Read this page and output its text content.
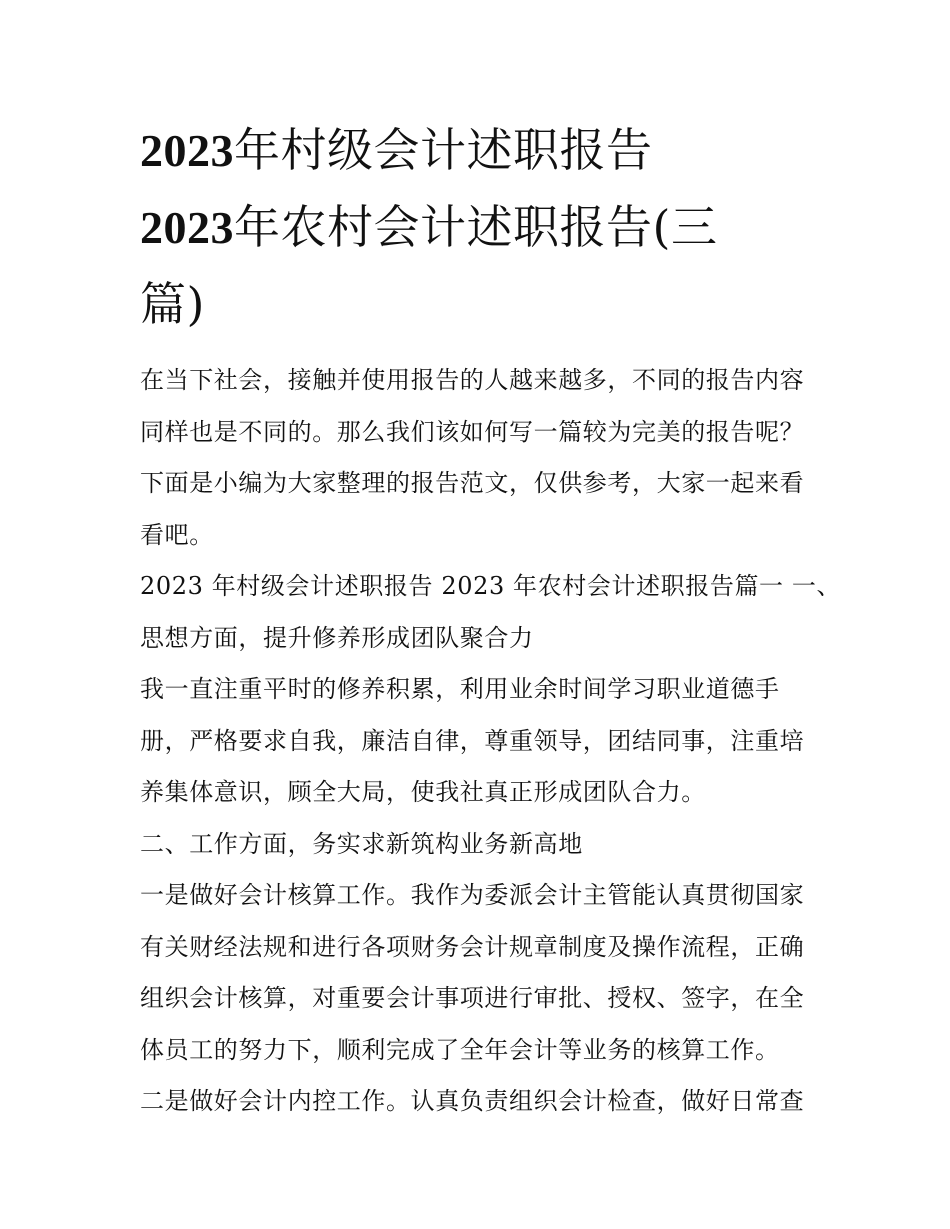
2023年村级会计述职报告
2023年农村会计述职报告(三
篇)
在当下社会，接触并使用报告的人越来越多，不同的报告内容
同样也是不同的。那么我们该如何写一篇较为完美的报告呢？
下面是小编为大家整理的报告范文，仅供参考，大家一起来看
看吧。
2023 年村级会计述职报告 2023 年农村会计述职报告篇一 一、
思想方面，提升修养形成团队聚合力
我一直注重平时的修养积累，利用业余时间学习职业道德手
册，严格要求自我，廉洁自律，尊重领导，团结同事，注重培
养集体意识，顾全大局，使我社真正形成团队合力。
二、工作方面，务实求新筑构业务新高地
一是做好会计核算工作。我作为委派会计主管能认真贯彻国家
有关财经法规和进行各项财务会计规章制度及操作流程，正确
组织会计核算，对重要会计事项进行审批、授权、签字，在全
体员工的努力下，顺利完成了全年会计等业务的核算工作。
二是做好会计内控工作。认真负责组织会计检查，做好日常查
